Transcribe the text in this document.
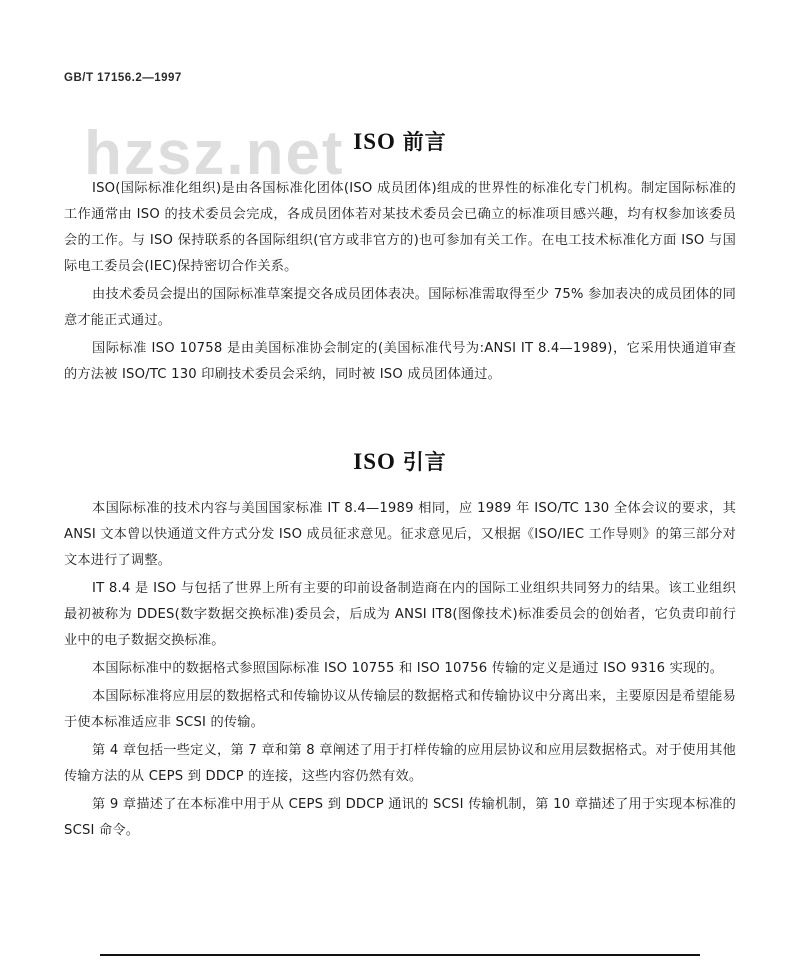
GB/T 17156.2—1997
hzsz.net ISO 前言

ISO(国际标准化组织)是由各国标准化团体(ISO 成员团体)组成的世界性的标准化专门机构。制定国际标准的工作通常由 ISO 的技术委员会完成，各成员团体若对某技术委员会已确立的标准项目感兴趣，均有权参加该委员会的工作。与 ISO 保持联系的各国际组织(官方或非官方的)也可参加有关工作。在电工技术标准化方面 ISO 与国际电工委员会(IEC)保持密切合作关系。

由技术委员会提出的国际标准草案提交各成员团体表决。国际标准需取得至少 75% 参加表决的成员团体的同意才能正式通过。

国际标准 ISO 10758 是由美国标准协会制定的(美国标准代号为:ANSI IT 8.4—1989)，它采用快通道审查的方法被 ISO/TC 130 印刷技术委员会采纳，同时被 ISO 成员团体通过。

ISO 引言

本国际标准的技术内容与美国国家标准 IT 8.4—1989 相同，应 1989 年 ISO/TC 130 全体会议的要求，其 ANSI 文本曾以快通道文件方式分发 ISO 成员征求意见。征求意见后，又根据《ISO/IEC 工作导则》的第三部分对文本进行了调整。

IT 8.4 是 ISO 与包括了世界上所有主要的印前设备制造商在内的国际工业组织共同努力的结果。该工业组织最初被称为 DDES(数字数据交换标准)委员会，后成为 ANSI IT8(图像技术)标准委员会的创始者，它负责印前行业中的电子数据交换标准。

本国际标准中的数据格式参照国际标准 ISO 10755 和 ISO 10756 传输的定义是通过 ISO 9316 实现的。

本国际标准将应用层的数据格式和传输协议从传输层的数据格式和传输协议中分离出来，主要原因是希望能易于使本标准适应非 SCSI 的传输。

第 4 章包括一些定义，第 7 章和第 8 章阐述了用于打样传输的应用层协议和应用层数据格式。对于使用其他传输方法的从 CEPS 到 DDCP 的连接，这些内容仍然有效。

第 9 章描述了在本标准中用于从 CEPS 到 DDCP 通讯的 SCSI 传输机制，第 10 章描述了用于实现本标准的 SCSI 命令。
